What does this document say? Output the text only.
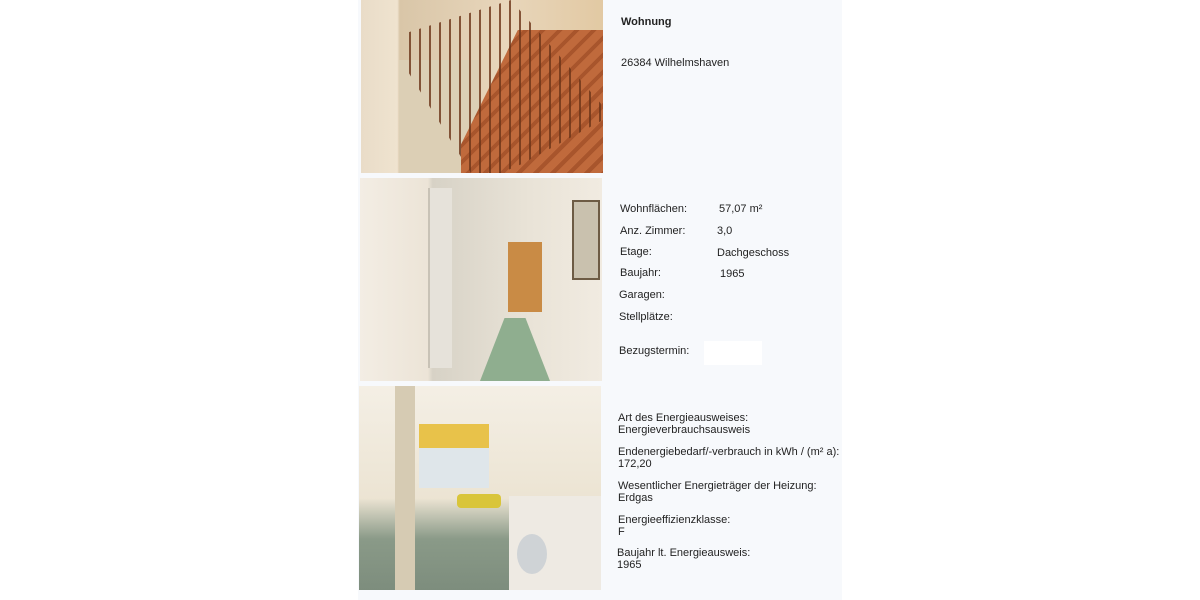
Wohnung
26384 Wilhelmshaven
Wohnflächen:	57,07 m²
Anz. Zimmer:	3,0
Etage:	Dachgeschoss
Baujahr:	1965
Garagen:
Stellplätze:
Bezugstermin:
Art des Energieausweises:
Energieverbrauchsausweis
Endenergiebedarf/-verbrauch in kWh / (m² a):
172,20
Wesentlicher Energieträger der Heizung:
Erdgas
Energieeffizienzklasse:
F
Baujahr lt. Energieausweis:
1965
